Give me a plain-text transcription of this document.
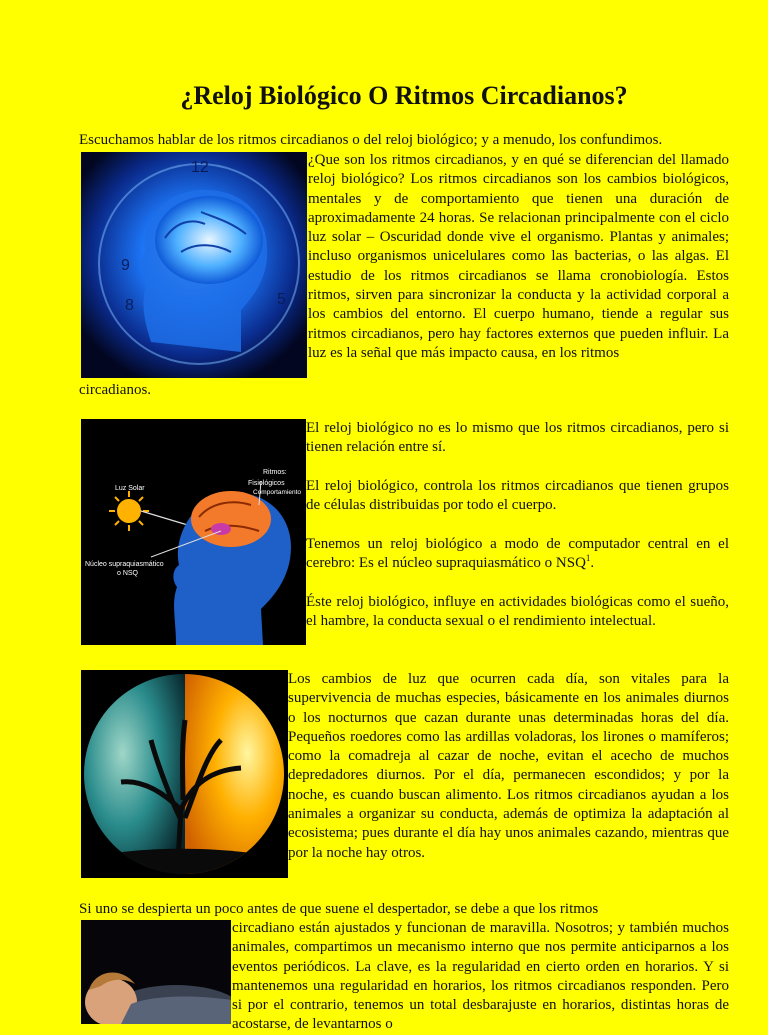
¿Reloj Biológico O Ritmos Circadianos?

Escuchamos hablar de los ritmos circadianos o del reloj biológico; y a menudo, los confundimos.

12
9
5
8

¿Que son los ritmos circadianos, y en qué se diferencian del llamado reloj biológico? Los ritmos circadianos son los cambios biológicos, mentales y de comportamiento que tienen una duración de aproximadamente 24 horas. Se relacionan principalmente con el ciclo luz solar – Oscuridad donde vive el organismo. Plantas y animales; incluso organismos unicelulares como las bacterias, o las algas. El estudio de los ritmos circadianos se llama cronobiología. Estos ritmos, sirven para sincronizar la conducta y la actividad corporal a los cambios del entorno. El cuerpo humano, tiende a regular sus ritmos circadianos, pero hay factores externos que pueden influir. La luz es la señal que más impacto causa, en los ritmos

circadianos.

Luz Solar
Ritmos:
Fisiológicos
Comportamiento
Núcleo supraquiasmático
o NSQ

El reloj biológico no es lo mismo que los ritmos circadianos, pero si tienen relación entre sí.

El reloj biológico, controla los ritmos circadianos que tienen grupos de células distribuidas por todo el cuerpo.

Tenemos un reloj biológico a modo de computador central en el cerebro: Es el núcleo supraquiasmático o NSQ$^1$.

Éste reloj biológico, influye en actividades biológicas como el sueño, el hambre, la conducta sexual o el rendimiento intelectual.

Los cambios de luz que ocurren cada día, son vitales para la supervivencia de muchas especies, básicamente en los animales diurnos o los nocturnos que cazan durante unas determinadas horas del día. Pequeños roedores como las ardillas voladoras, los lirones o mamíferos; como la comadreja al cazar de noche, evitan el acecho de muchos depredadores diurnos. Por el día, permanecen escondidos; y por la noche, es cuando buscan alimento. Los ritmos circadianos ayudan a los animales a organizar su conducta, además de optimiza la adaptación al ecosistema; pues durante el día hay unos animales cazando, mientras que por la noche hay otros.

Si uno se despierta un poco antes de que suene el despertador, se debe a que los ritmos

circadiano están ajustados y funcionan de maravilla. Nosotros; y también muchos animales, compartimos un mecanismo interno que nos permite anticiparnos a los eventos periódicos. La clave, es la regularidad en cierto orden en horarios. Y si mantenemos una regularidad en horarios, los ritmos circadianos responden. Pero si por el contrario, tenemos un total desbarajuste en horarios, distintas horas de acostarse, de levantarnos o
